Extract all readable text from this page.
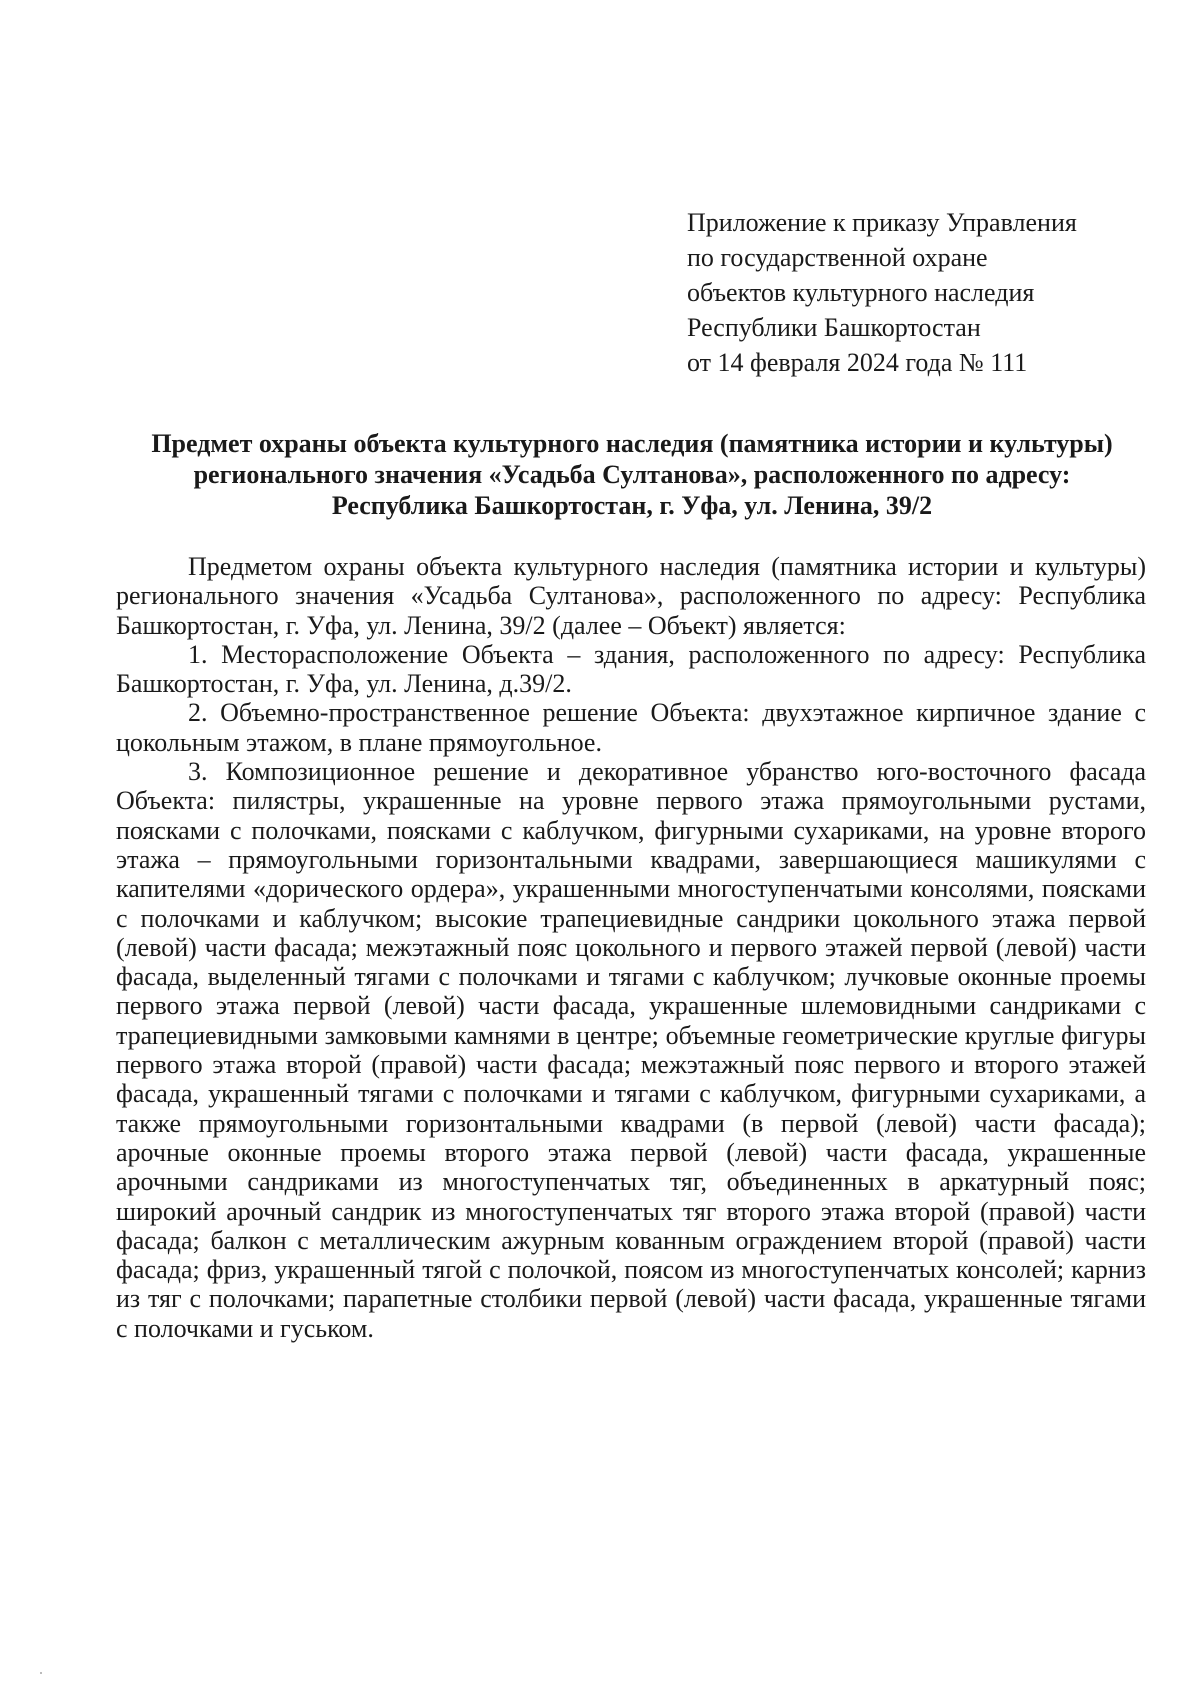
Приложение к приказу Управления
по государственной охране
объектов культурного наследия
Республики Башкортостан
от 14 февраля 2024 года № 111
Предмет охраны объекта культурного наследия (памятника истории и культуры)
регионального значения «Усадьба Султанова», расположенного по адресу:
Республика Башкортостан, г. Уфа, ул. Ленина, 39/2

Предметом охраны объекта культурного наследия (памятника истории и культуры) регионального значения «Усадьба Султанова», расположенного по адресу: Республика Башкортостан, г. Уфа, ул. Ленина, 39/2 (далее – Объект) является:

1. Месторасположение Объекта – здания, расположенного по адресу: Республика Башкортостан, г. Уфа, ул. Ленина, д.39/2.

2. Объемно-пространственное решение Объекта: двухэтажное кирпичное здание с цокольным этажом, в плане прямоугольное.

3. Композиционное решение и декоративное убранство юго-восточного фасада Объекта: пилястры, украшенные на уровне первого этажа прямоугольными рустами, поясками с полочками, поясками с каблучком, фигурными сухариками, на уровне второго этажа – прямоугольными горизонтальными квадрами, завершающиеся машикулями с капителями «дорического ордера», украшенными многоступенчатыми консолями, поясками с полочками и каблучком; высокие трапециевидные сандрики цокольного этажа первой (левой) части фасада; межэтажный пояс цокольного и первого этажей первой (левой) части фасада, выделенный тягами с полочками и тягами с каблучком; лучковые оконные проемы первого этажа первой (левой) части фасада, украшенные шлемовидными сандриками с трапециевидными замковыми камнями в центре; объемные геометрические круглые фигуры первого этажа второй (правой) части фасада; межэтажный пояс первого и второго этажей фасада, украшенный тягами с полочками и тягами с каблучком, фигурными сухариками, а также прямоугольными горизонтальными квадрами (в первой (левой) части фасада); арочные оконные проемы второго этажа первой (левой) части фасада, украшенные арочными сандриками из многоступенчатых тяг, объединенных в аркатурный пояс; широкий арочный сандрик из многоступенчатых тяг второго этажа второй (правой) части фасада; балкон с металлическим ажурным кованным ограждением второй (правой) части фасада; фриз, украшенный тягой с полочкой, поясом из многоступенчатых консолей; карниз из тяг с полочками; парапетные столбики первой (левой) части фасада, украшенные тягами с полочками и гуськом.
